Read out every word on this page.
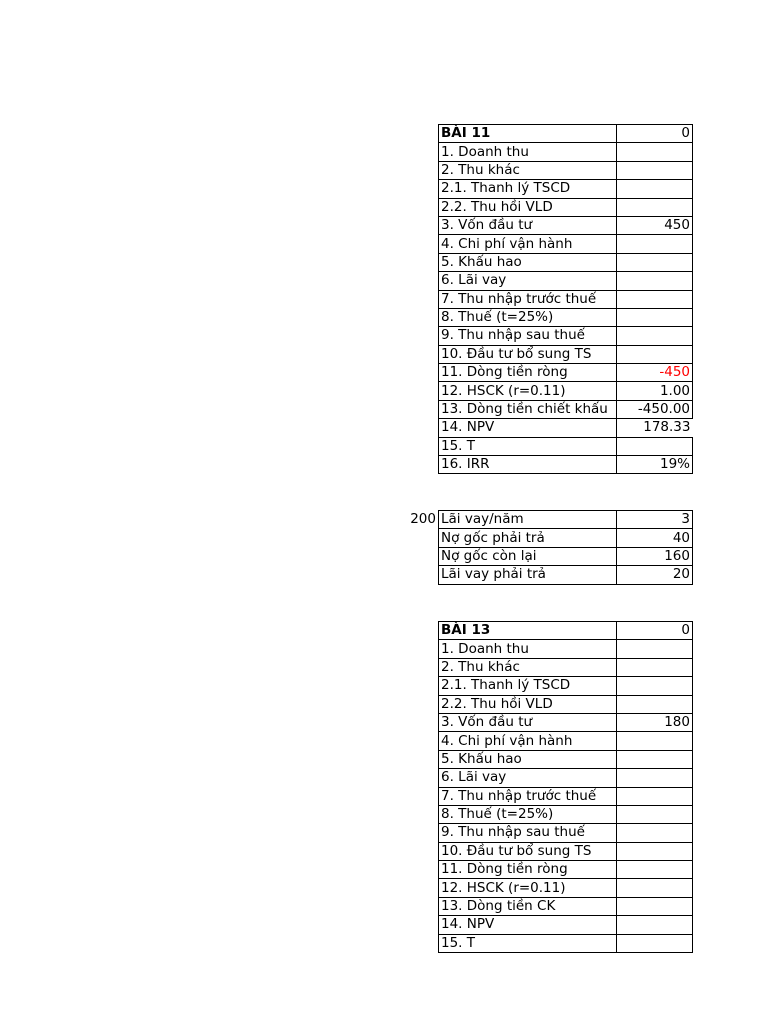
BÀI 11	0
1. Doanh thu	
2. Thu khác	
2.1. Thanh lý TSCD	
2.2. Thu hồi VLD	
3. Vốn đầu tư	450
4. Chi phí vận hành	
5. Khấu hao	
6. Lãi vay	
7. Thu nhập trước thuế	
8. Thuế (t=25%)	
9. Thu nhập sau thuế	
10. Đầu tư bổ sung TS	
11. Dòng tiền ròng	-450
12. HSCK (r=0.11)	1.00
13. Dòng tiền chiết khấu	-450.00
14. NPV	178.33
15. T	
16. IRR	19%
200 Lãi vay/năm	3
Nợ gốc phải trả	40
Nợ gốc còn lại	160
Lãi vay phải trả	20
BÀI 13	0
1. Doanh thu	
2. Thu khác	
2.1. Thanh lý TSCD	
2.2. Thu hồi VLD	
3. Vốn đầu tư	180
4. Chi phí vận hành	
5. Khấu hao	
6. Lãi vay	
7. Thu nhập trước thuế	
8. Thuế (t=25%)	
9. Thu nhập sau thuế	
10. Đầu tư bổ sung TS	
11. Dòng tiền ròng	
12. HSCK (r=0.11)	
13. Dòng tiền CK	
14. NPV	
15. T	
